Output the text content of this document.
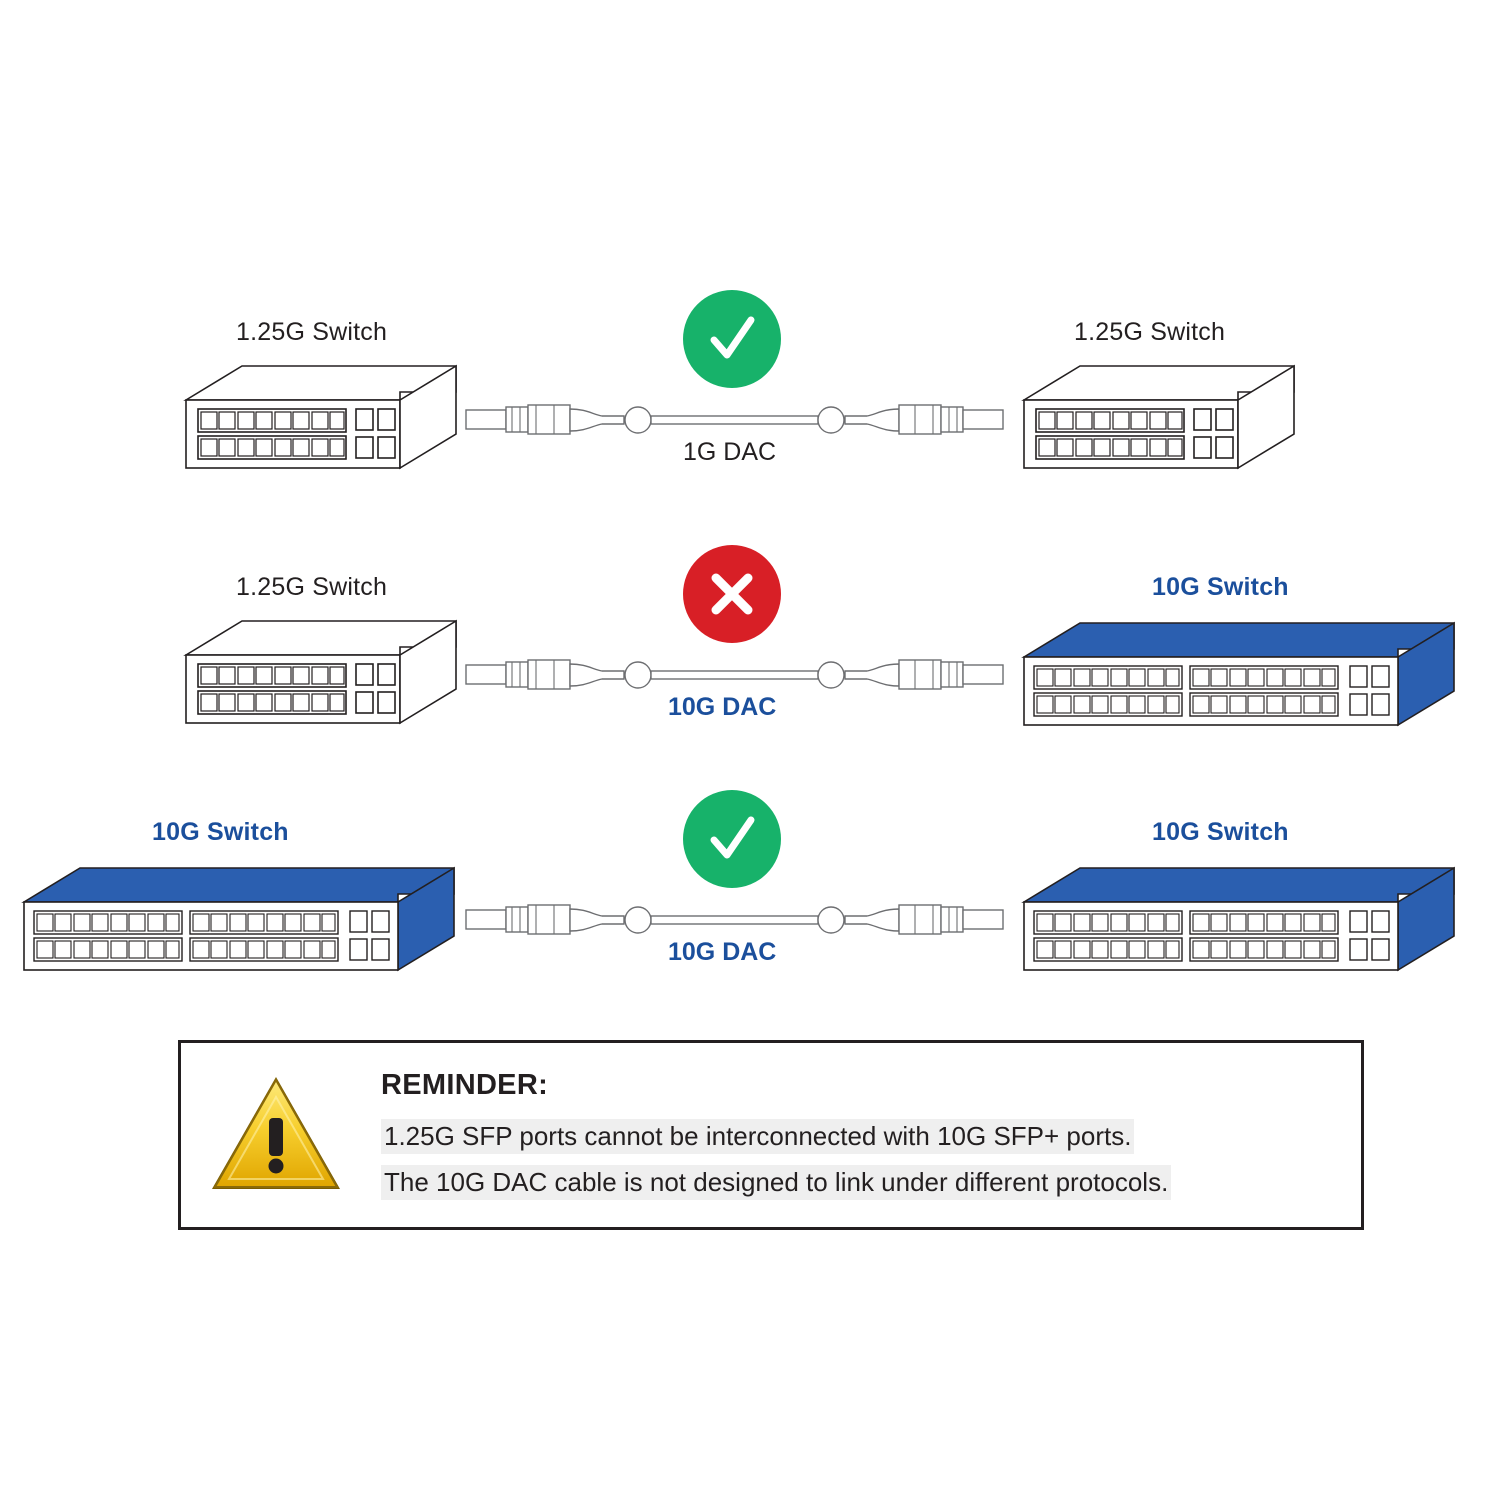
1.25G Switch
1G DAC
1.25G Switch
1.25G Switch
10G DAC
10G Switch
10G Switch
10G DAC
10G Switch
REMINDER:
1.25G SFP ports cannot be interconnected with 10G SFP+ ports.
The 10G DAC cable is not designed to link under different protocols.
